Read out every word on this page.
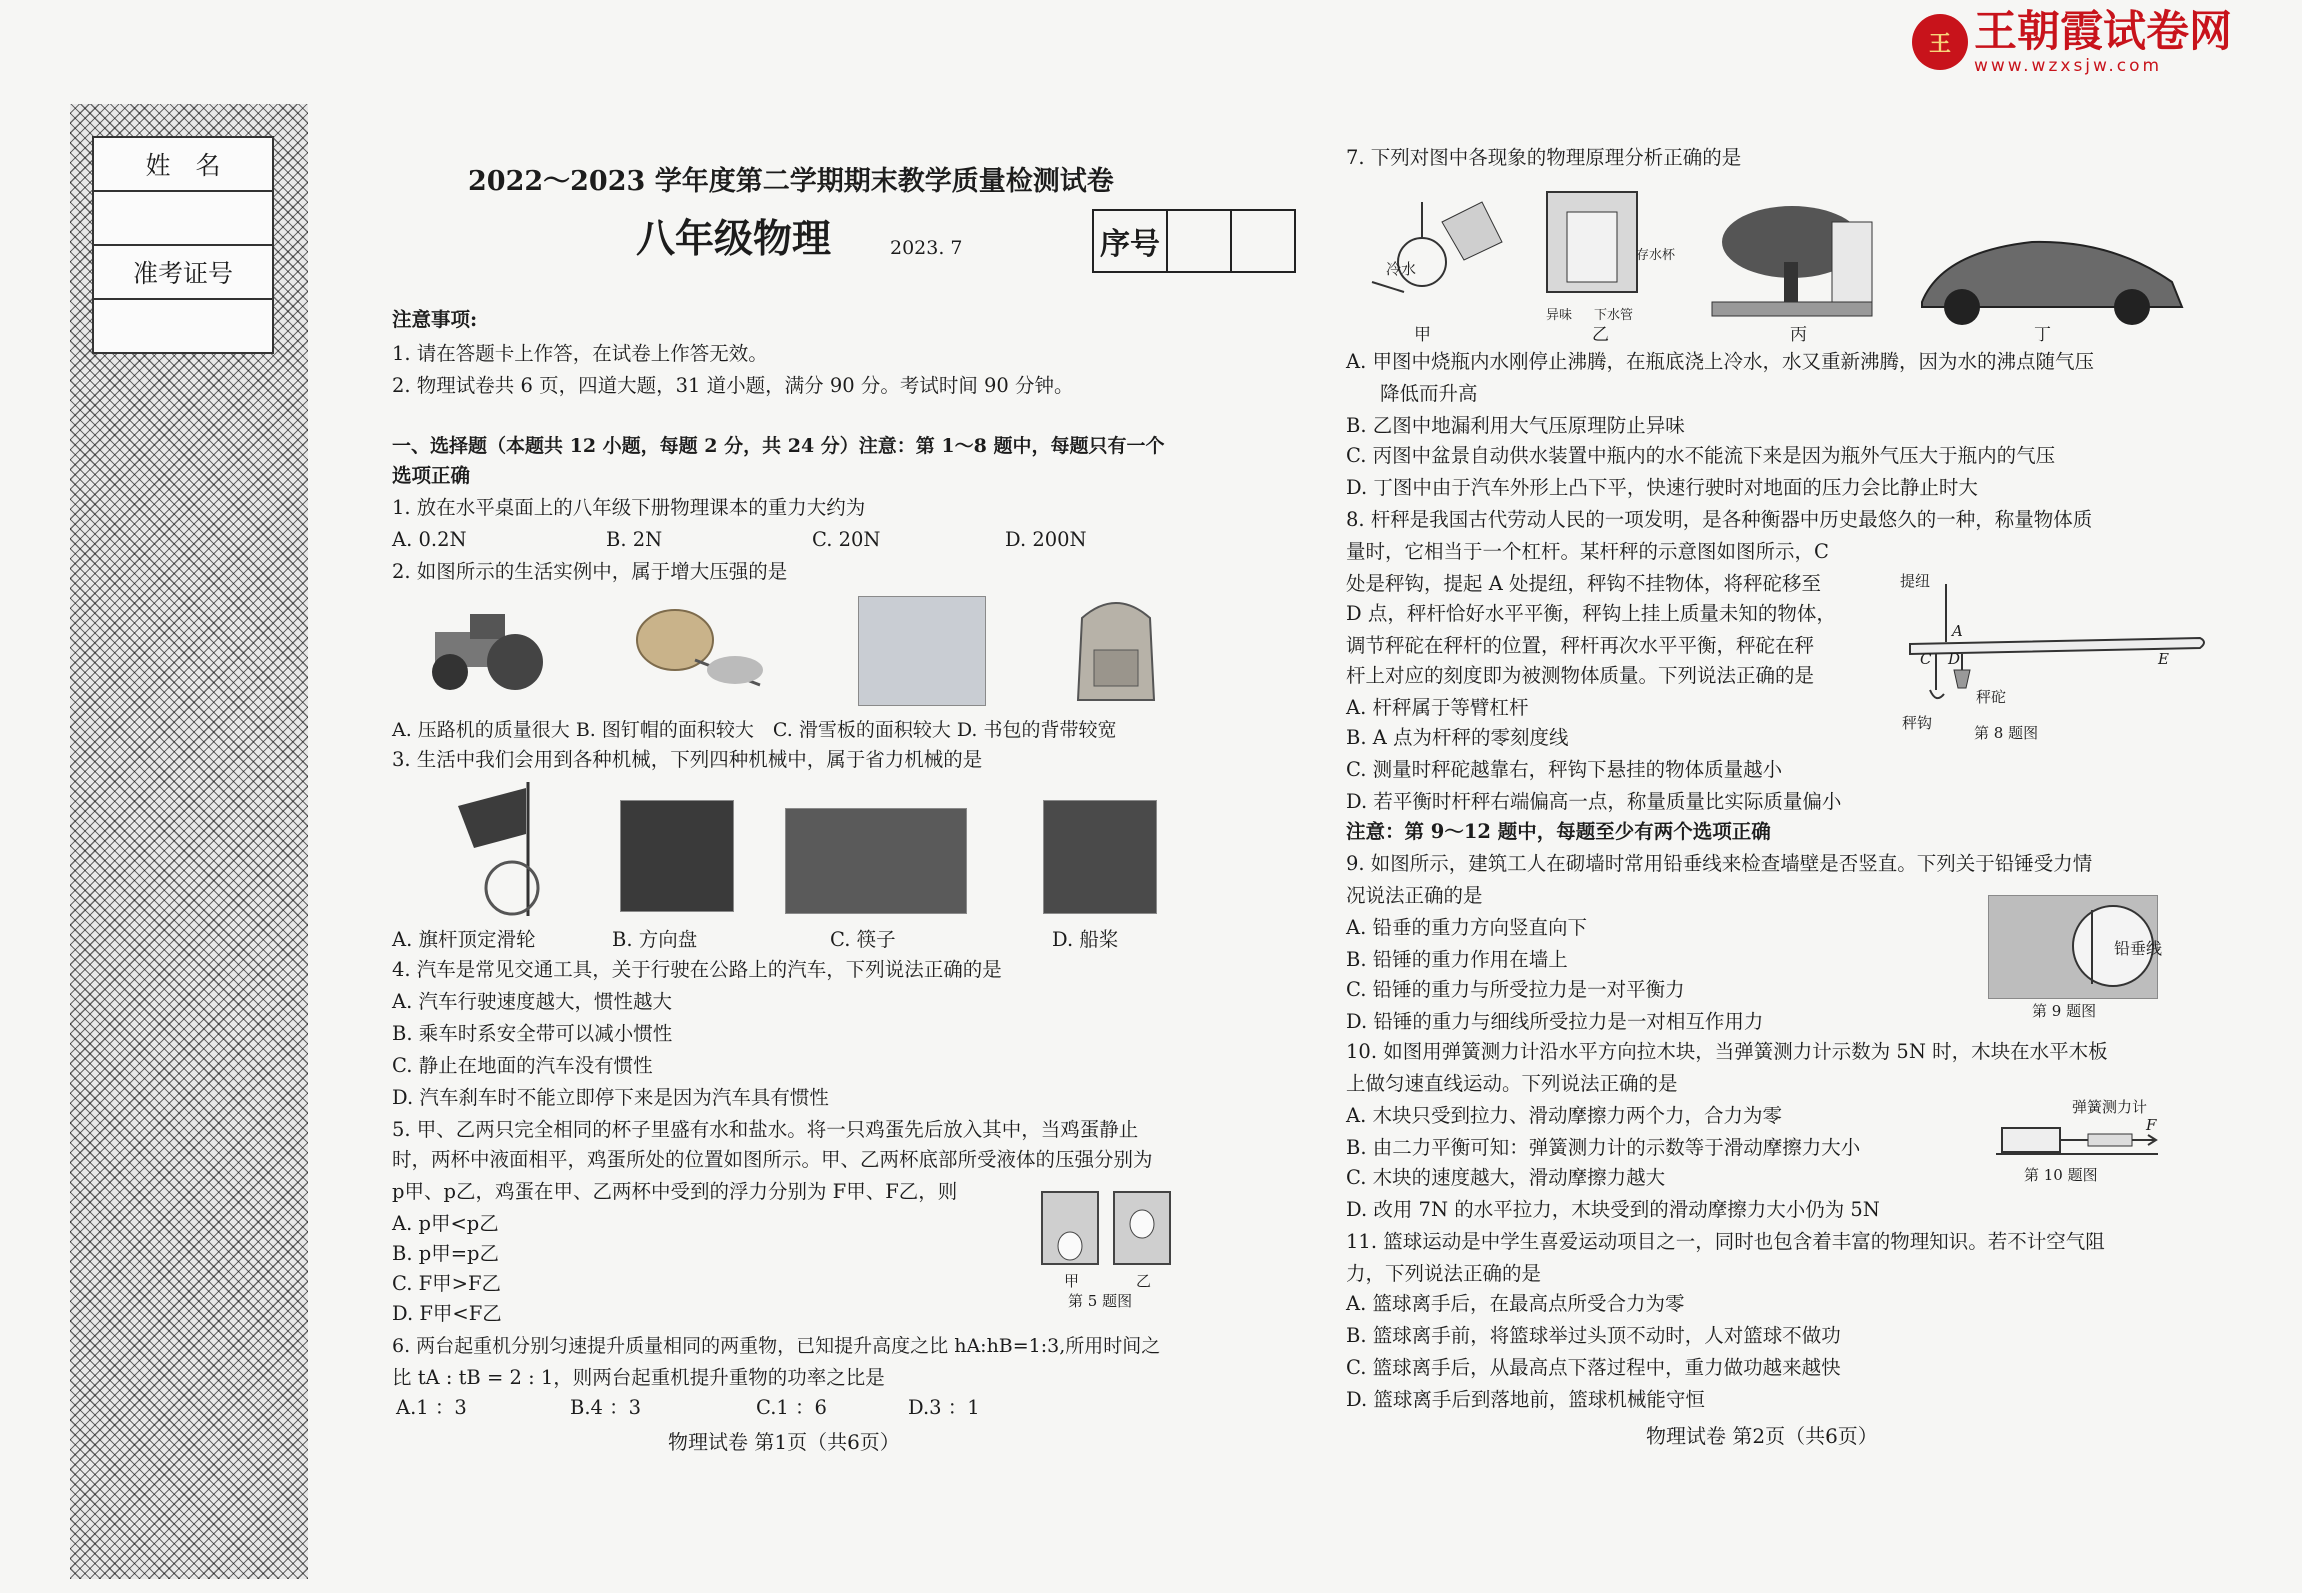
姓　名
准考证号
王 王朝霞试卷网
www.wzxsjw.com
2022～2023 学年度第二学期期末教学质量检测试卷
八年级物理	2023. 7	序号
注意事项:
1. 请在答题卡上作答，在试卷上作答无效。
2. 物理试卷共 6 页，四道大题，31 道小题，满分 90 分。考试时间 90 分钟。
一、选择题（本题共 12 小题，每题 2 分，共 24 分）注意：第 1～8 题中，每题只有一个
选项正确
1. 放在水平桌面上的八年级下册物理课本的重力大约为
A. 0.2N	B. 2N	C. 20N	D. 200N
2. 如图所示的生活实例中，属于增大压强的是
A. 压路机的质量很大 B. 图钉帽的面积较大　C. 滑雪板的面积较大 D. 书包的背带较宽
3. 生活中我们会用到各种机械，下列四种机械中，属于省力机械的是
A. 旗杆顶定滑轮	B. 方向盘	C. 筷子	D. 船桨
4. 汽车是常见交通工具，关于行驶在公路上的汽车，下列说法正确的是
A. 汽车行驶速度越大，惯性越大
B. 乘车时系安全带可以减小惯性
C. 静止在地面的汽车没有惯性
D. 汽车刹车时不能立即停下来是因为汽车具有惯性
5. 甲、乙两只完全相同的杯子里盛有水和盐水。将一只鸡蛋先后放入其中，当鸡蛋静止
时，两杯中液面相平，鸡蛋所处的位置如图所示。甲、乙两杯底部所受液体的压强分别为
p甲、p乙，鸡蛋在甲、乙两杯中受到的浮力分别为 F甲、F乙，则
A. p甲<p乙
B. p甲=p乙
C. F甲>F乙
D. F甲<F乙
甲	乙
第 5 题图
6. 两台起重机分别匀速提升质量相同的两重物，已知提升高度之比 hA:hB=1:3,所用时间之
比 tA : tB = 2 : 1，则两台起重机提升重物的功率之比是
A.1 ：3	B.4 ：3	C.1 ：6	D.3 ：1
物理试卷 第1页（共6页）
7. 下列对图中各现象的物理原理分析正确的是
冷水
存水杯
异味 下水管
甲	乙	丙	丁
A. 甲图中烧瓶内水刚停止沸腾，在瓶底浇上冷水，水又重新沸腾，因为水的沸点随气压
降低而升高
B. 乙图中地漏利用大气压原理防止异味
C. 丙图中盆景自动供水装置中瓶内的水不能流下来是因为瓶外气压大于瓶内的气压
D. 丁图中由于汽车外形上凸下平，快速行驶时对地面的压力会比静止时大
8. 杆秤是我国古代劳动人民的一项发明，是各种衡器中历史最悠久的一种，称量物体质
量时，它相当于一个杠杆。某杆秤的示意图如图所示，C
处是秤钩，提起 A 处提纽，秤钩不挂物体，将秤砣移至
D 点，秤杆恰好水平平衡，秤钩上挂上质量未知的物体，
调节秤砣在秤杆的位置，秤杆再次水平平衡，秤砣在秤
杆上对应的刻度即为被测物体质量。下列说法正确的是
A. 杆秤属于等臂杠杆
B. A 点为杆秤的零刻度线
C. 测量时秤砣越靠右，秤钩下悬挂的物体质量越小
D. 若平衡时杆秤右端偏高一点，称量质量比实际质量偏小
提纽
A
C D	E
秤砣
秤钩
第 8 题图
注意：第 9～12 题中，每题至少有两个选项正确
9. 如图所示，建筑工人在砌墙时常用铅垂线来检查墙壁是否竖直。下列关于铅锤受力情
况说法正确的是
A. 铅垂的重力方向竖直向下
B. 铅锤的重力作用在墙上
C. 铅锤的重力与所受拉力是一对平衡力
D. 铅锤的重力与细线所受拉力是一对相互作用力
铅垂线
第 9 题图
10. 如图用弹簧测力计沿水平方向拉木块，当弹簧测力计示数为 5N 时，木块在水平木板
上做匀速直线运动。下列说法正确的是
A. 木块只受到拉力、滑动摩擦力两个力，合力为零
B. 由二力平衡可知：弹簧测力计的示数等于滑动摩擦力大小
C. 木块的速度越大，滑动摩擦力越大
D. 改用 7N 的水平拉力，木块受到的滑动摩擦力大小仍为 5N
弹簧测力计
F
第 10 题图
11. 篮球运动是中学生喜爱运动项目之一，同时也包含着丰富的物理知识。若不计空气阻
力，下列说法正确的是
A. 篮球离手后，在最高点所受合力为零
B. 篮球离手前，将篮球举过头顶不动时，人对篮球不做功
C. 篮球离手后，从最高点下落过程中，重力做功越来越快
D. 篮球离手后到落地前，篮球机械能守恒
物理试卷 第2页（共6页）
